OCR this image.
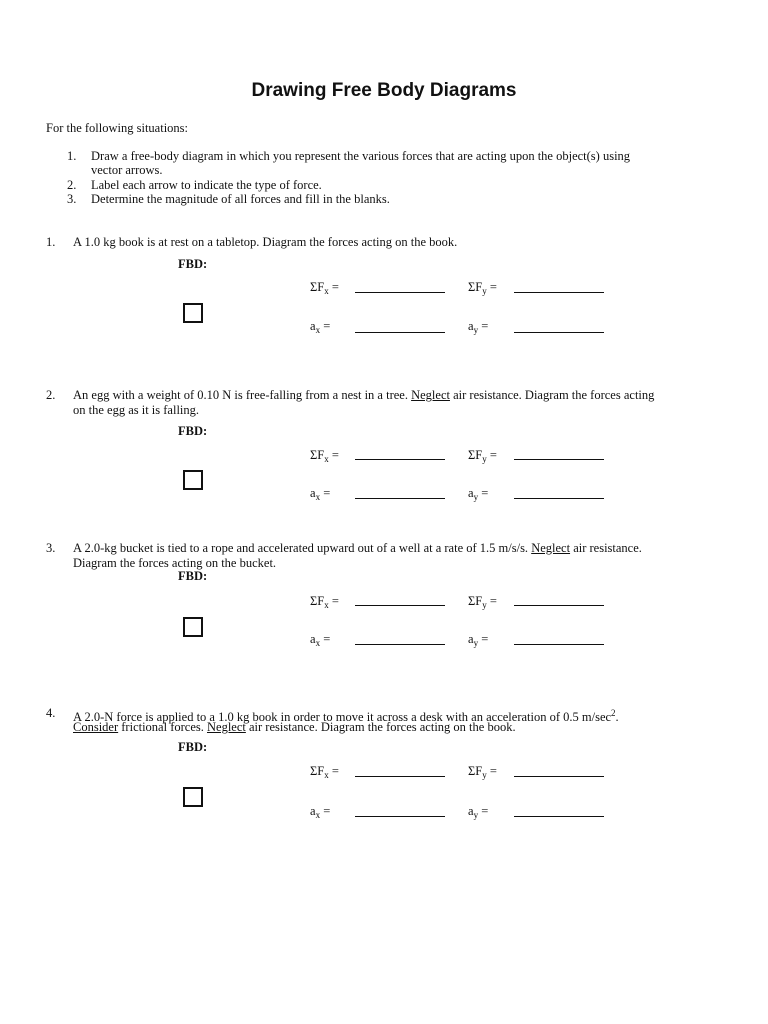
Drawing Free Body Diagrams
For the following situations:
1. Draw a free-body diagram in which you represent the various forces that are acting upon the object(s) using
vector arrows.
2. Label each arrow to indicate the type of force.
3. Determine the magnitude of all forces and fill in the blanks.
1. A 1.0 kg book is at rest on a tabletop. Diagram the forces acting on the book.
FBD:
$\Sigma F_x$ =	$\Sigma F_y$ =
$a_x$ =	$a_y$ =
2. An egg with a weight of 0.10 N is free-falling from a nest in a tree. Neglect air resistance. Diagram the forces acting
on the egg as it is falling.
FBD:
$\Sigma F_x$ =	$\Sigma F_y$ =
$a_x$ =	$a_y$ =
3. A 2.0-kg bucket is tied to a rope and accelerated upward out of a well at a rate of 1.5 m/s/s. Neglect air resistance.
Diagram the forces acting on the bucket.
FBD:
$\Sigma F_x$ =	$\Sigma F_y$ =
$a_x$ =	$a_y$ =
4. A 2.0-N force is applied to a 1.0 kg book in order to move it across a desk with an acceleration of 0.5 $m/\sec^2$.
Consider frictional forces. Neglect air resistance. Diagram the forces acting on the book.
FBD:
$\Sigma F_x$ =	$\Sigma F_y$ =
$a_x$ =	$a_y$ =
